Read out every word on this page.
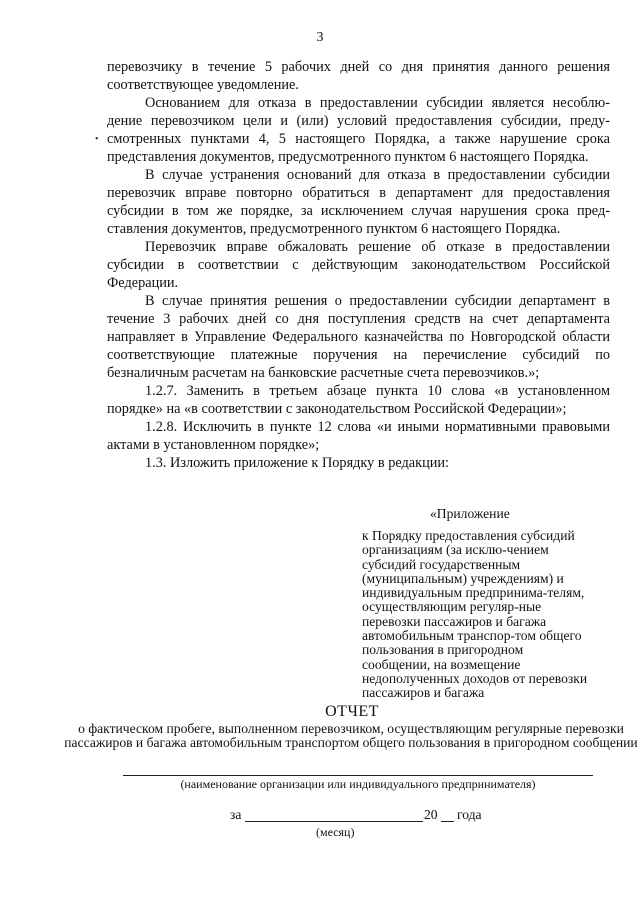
3
•

перевозчику в течение 5 рабочих дней со дня принятия данного решения соответствующее уведомление.

Основанием для отказа в предоставлении субсидии является несоблю-дение перевозчиком цели и (или) условий предоставления субсидии, преду-смотренных пунктами 4, 5 настоящего Порядка, а также нарушение срока представления документов, предусмотренного пунктом 6 настоящего Порядка.

В случае устранения оснований для отказа в предоставлении субсидии перевозчик вправе повторно обратиться в департамент для предоставления субсидии в том же порядке, за исключением случая нарушения срока пред-ставления документов, предусмотренного пунктом 6 настоящего Порядка.

Перевозчик вправе обжаловать решение об отказе в предоставлении субсидии в соответствии с действующим законодательством Российской Федерации.

В случае принятия решения о предоставлении субсидии департамент в течение 3 рабочих дней со дня поступления средств на счет департамента направляет в Управление Федерального казначейства по Новгородской области соответствующие платежные поручения на перечисление субсидий по безналичным расчетам на банковские расчетные счета перевозчиков.»;

1.2.7. Заменить в третьем абзаце пункта 10 слова «в установленном порядке» на «в соответствии с законодательством Российской Федерации»;

1.2.8. Исключить в пункте 12 слова «и иными нормативными правовыми актами в установленном порядке»;

1.3. Изложить приложение к Порядку в редакции:

«Приложение
к Порядку предоставления субсидий организациям (за исклю-чением субсидий государственным (муниципальным) учреждениям) и индивидуальным предпринима-телям, осуществляющим регуляр-ные перевозки пассажиров и багажа автомобильным транспор-том общего пользования в пригородном сообщении, на возмещение недополученных доходов от перевозки пассажиров и багажа
ОТЧЕТ
о фактическом пробеге, выполненном перевозчиком, осуществляющим регулярные перевозки пассажиров и багажа автомобильным транспортом общего пользования в пригородном сообщении
(наименование организации или индивидуального предпринимателя)
за	20 года
(месяц)
